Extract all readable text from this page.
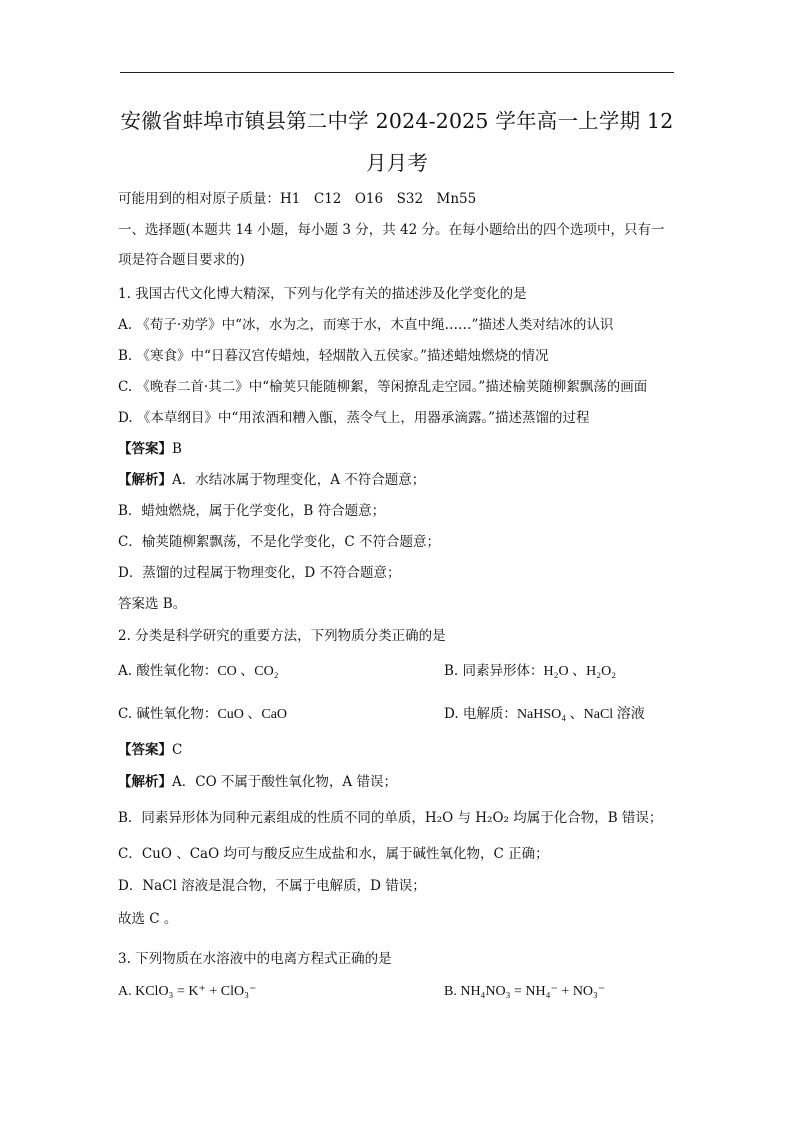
安徽省蚌埠市镇县第二中学 2024-2025 学年高一上学期 12
月月考
可能用到的相对原子质量：H1　C12　O16　S32　Mn55
一、选择题(本题共 14 小题，每小题 3 分，共 42 分。在每小题给出的四个选项中，只有一
项是符合题目要求的)
1. 我国古代文化博大精深，下列与化学有关的描述涉及化学变化的是
A. 《荀子·劝学》中“冰，水为之，而寒于水，木直中绳……”描述人类对结冰的认识
B. 《寒食》中“日暮汉宫传蜡烛，轻烟散入五侯家。”描述蜡烛燃烧的情况
C. 《晚春二首·其二》中“榆荚只能随柳絮，等闲撩乱走空园。”描述榆荚随柳絮飘荡的画面
D. 《本草纲目》中“用浓酒和糟入甑，蒸令气上，用器承滴露。”描述蒸馏的过程
【答案】B
【解析】A．水结冰属于物理变化，A 不符合题意；
B．蜡烛燃烧，属于化学变化，B 符合题意；
C．榆荚随柳絮飘荡，不是化学变化，C 不符合题意；
D．蒸馏的过程属于物理变化，D 不符合题意；
答案选 B。
2. 分类是科学研究的重要方法，下列物质分类正确的是
A. 酸性氧化物：CO 、CO₂	B. 同素异形体：H₂O 、H₂O₂
C. 碱性氧化物：CuO 、CaO	D. 电解质：NaHSO₄ 、NaCl 溶液
【答案】C
【解析】A．CO 不属于酸性氧化物，A 错误；
B．同素异形体为同种元素组成的性质不同的单质，H₂O 与 H₂O₂ 均属于化合物，B 错误；
C．CuO 、CaO 均可与酸反应生成盐和水，属于碱性氧化物，C 正确；
D．NaCl 溶液是混合物，不属于电解质，D 错误；
故选 C 。
3. 下列物质在水溶液中的电离方程式正确的是
A. KClO₃ = K⁺ + ClO₃⁻	B. NH₄NO₃ = NH₄⁻ + NO₃⁻
